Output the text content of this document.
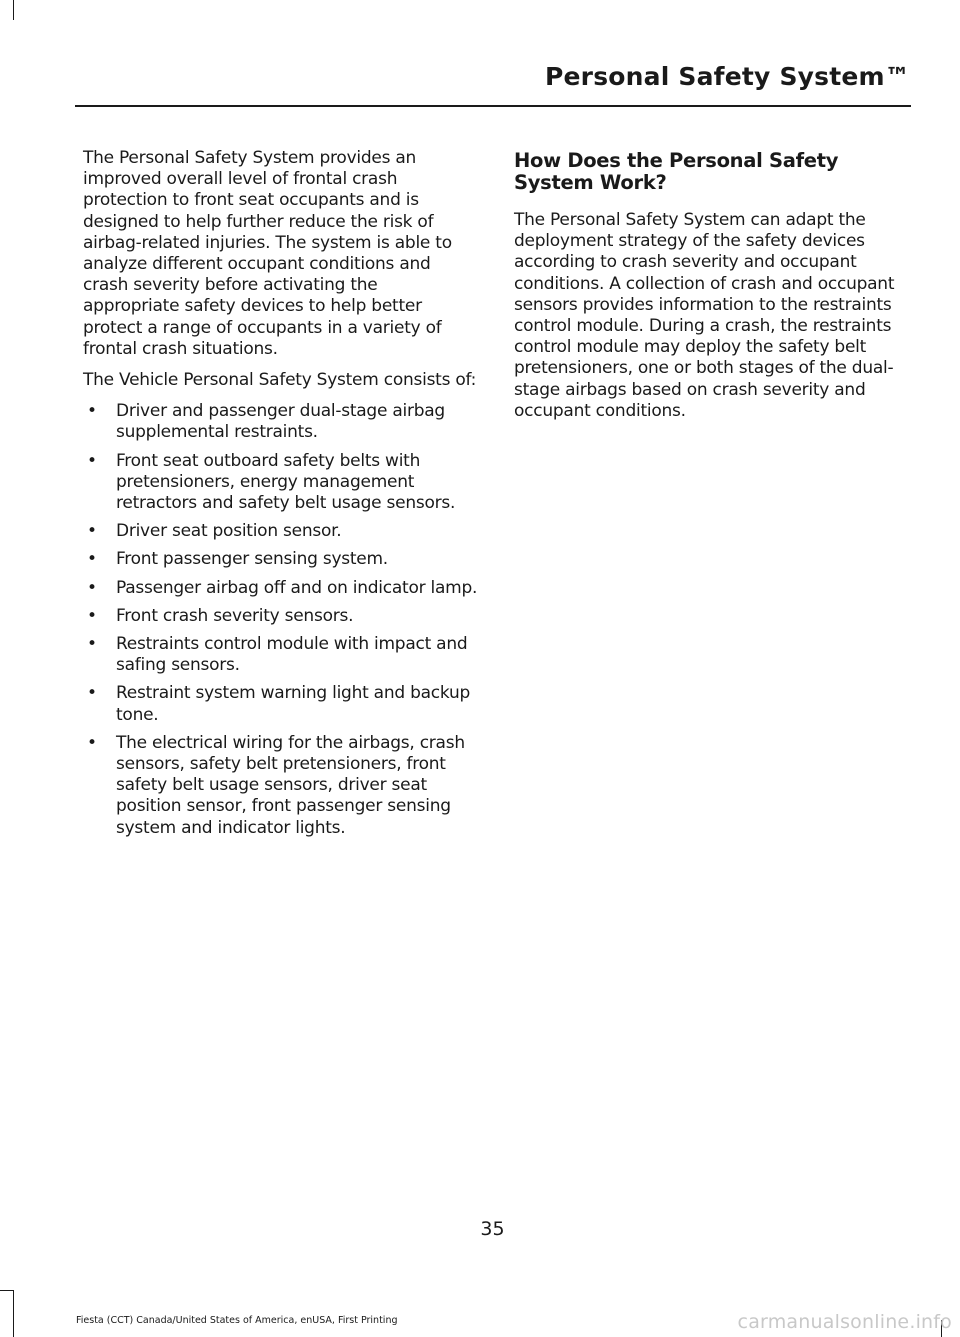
Personal Safety System™

The Personal Safety System provides an improved overall level of frontal crash protection to front seat occupants and is designed to help further reduce the risk of airbag-related injuries. The system is able to analyze different occupant conditions and crash severity before activating the appropriate safety devices to help better protect a range of occupants in a variety of frontal crash situations.

The Vehicle Personal Safety System consists of:

• Driver and passenger dual-stage airbag supplemental restraints.
• Front seat outboard safety belts with pretensioners, energy management retractors and safety belt usage sensors.
• Driver seat position sensor.
• Front passenger sensing system.
• Passenger airbag off and on indicator lamp.
• Front crash severity sensors.
• Restraints control module with impact and safing sensors.
• Restraint system warning light and backup tone.
• The electrical wiring for the airbags, crash sensors, safety belt pretensioners, front safety belt usage sensors, driver seat position sensor, front passenger sensing system and indicator lights.
How Does the Personal Safety System Work?

The Personal Safety System can adapt the deployment strategy of the safety devices according to crash severity and occupant conditions. A collection of crash and occupant sensors provides information to the restraints control module. During a crash, the restraints control module may deploy the safety belt pretensioners, one or both stages of the dual-stage airbags based on crash severity and occupant conditions.

35
Fiesta (CCT) Canada/United States of America, enUSA, First Printing	carmanualsonline.info
